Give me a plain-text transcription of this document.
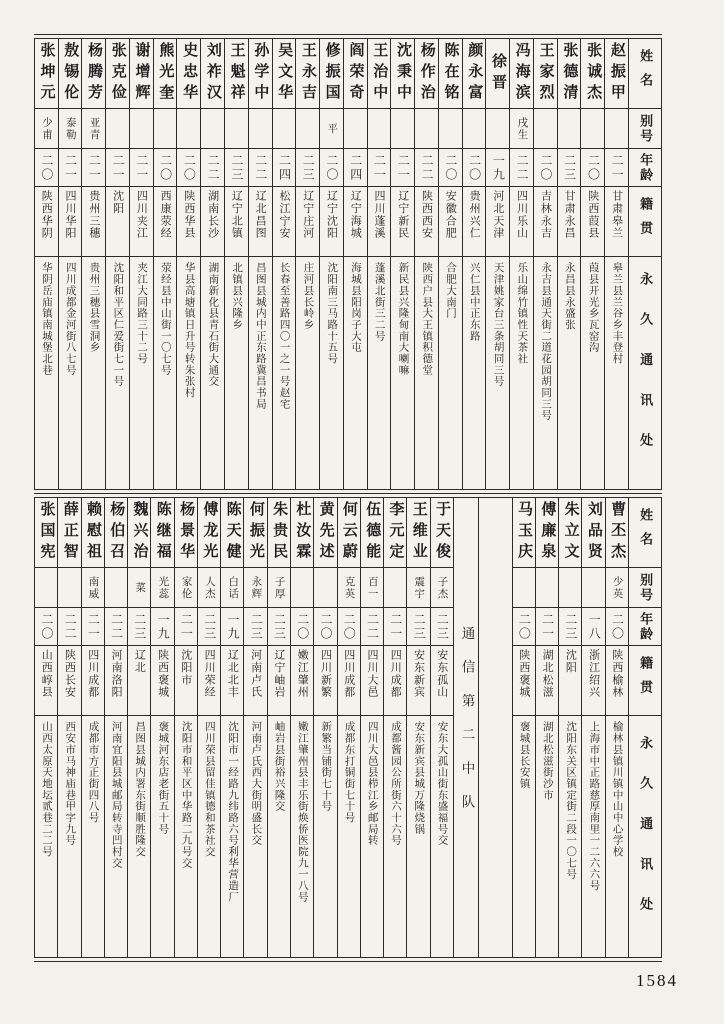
姓名
别号
年龄
籍贯
永久通讯处
赵振甲
二一
甘肃皋兰
皋兰县兰谷乡丰登村
张诚杰
二〇
陕西葭县
葭县开光乡瓦窑沟
张德清
二三
甘肃永昌
永昌县永盛张
王家烈
二〇
吉林永吉
永吉县通天街二道花园胡同三号
冯海滨
戌生
二二
四川乐山
乐山绵竹镇性天茶社
徐晋
一九
河北天津
天津姚家台三条胡同三号
颜永富
二〇
贵州兴仁
兴仁县中正东路
陈在铭
二〇
安徽合肥
合肥大南门
杨作治
二二
陕西西安
陕西户县大王镇积德堂
沈秉中
二一
辽宁新民
新民县兴隆甸南大喇嘛
王治中
二一
四川蓬溪
蓬溪北街三二号
阎荣奇
二四
辽宁海城
海城县阳岗子大屯
修振国
平
二〇
辽宁沈阳
沈阳南三马路十五号
王永吉
二三
辽宁庄河
庄河县长岭乡
吴文华
二四
松江宁安
长春至善路四〇一之一号赵宅
孙学中
二二
辽北昌图
昌图县城内中正东路冀昌书局
王魁祥
二三
辽宁北镇
北镇县兴隆乡
刘祚汉
二二
湖南长沙
湖南新化县青石街大通交
史忠华
二〇
陕西华县
华县高塘镇日升号转朱张村
熊光奎
二〇
西康荥经
荥经县中山街一〇七号
谢增辉
二一
四川夹江
夹江大同路三十二号
张克俭
二一
沈阳
沈阳和平区仁爱街七一号
杨腾芳
亚青
二一
贵州三穗
贵州三穗县雪洞乡
敖锡伦
泰勒
二一
四川华阳
四川成都金河街八七号
张坤元
少甫
二〇
陕西华阴
华阴岳庙镇南城堡北巷
姓名
别号
年龄
籍贯
永久通讯处
曹丕杰
少英
二〇
陕西榆林
榆林县镇川镇中山中心学校
刘品贤
一八
浙江绍兴
上海市中正路慈厚南里一二六六号
朱立文
二三
沈阳
沈阳东关区镇定街二段一〇七号
傅廉泉
二一
湖北松滋
湖北松滋街沙市
马玉庆
二〇
陕西褒城
褒城县长安镇
通信第二中队
于天俊
子杰
二三
安东孤山
安东大孤山街东盛福号交
王维业
震宇
二三
安东新宾
安东新宾县城万隆烧锅
李元定
二一
四川成都
成都酱园公所街六十六号
伍德能
百一
二二
四川大邑
四川大邑县栉江乡邮局转
何云蔚
克英
二〇
四川成都
成都东打铜街七十号
黄先述
二〇
四川新繁
新繁当铺街七十号
杜汝霖
二〇
嫩江肇州
嫩江肇州县丰乐街焕侨医院九一八号
朱贵民
子厚
二三
辽宁岫岩
岫岩县街裕兴隆交
何振光
永辉
二三
河南卢氏
河南卢氏西大街明盛长交
陈天健
白话
一九
辽北北丰
沈阳市一经路九纬路六号利华营造厂
傅龙光
人杰
二三
四川荣经
四川荣县留佳镇德和茶社交
杨景华
家伦
二一
沈阳市
沈阳市和平区中华路二九号交
陈继福
光蕊
一九
陕西褒城
褒城河东店老街五十号
魏兴治
菜
二三
辽北
昌图县城内署东街顺胜隆交
杨伯召
二二
河南洛阳
河南宜阳县城邮局转寺凹村交
赖慰祖
南威
二一
四川成都
成都市方正街四八号
薛正智
二二
陕西长安
西安市马神庙巷甲字九号
张国宪
二〇
山西崞县
山西太原天地坛贰巷二二号
1584
